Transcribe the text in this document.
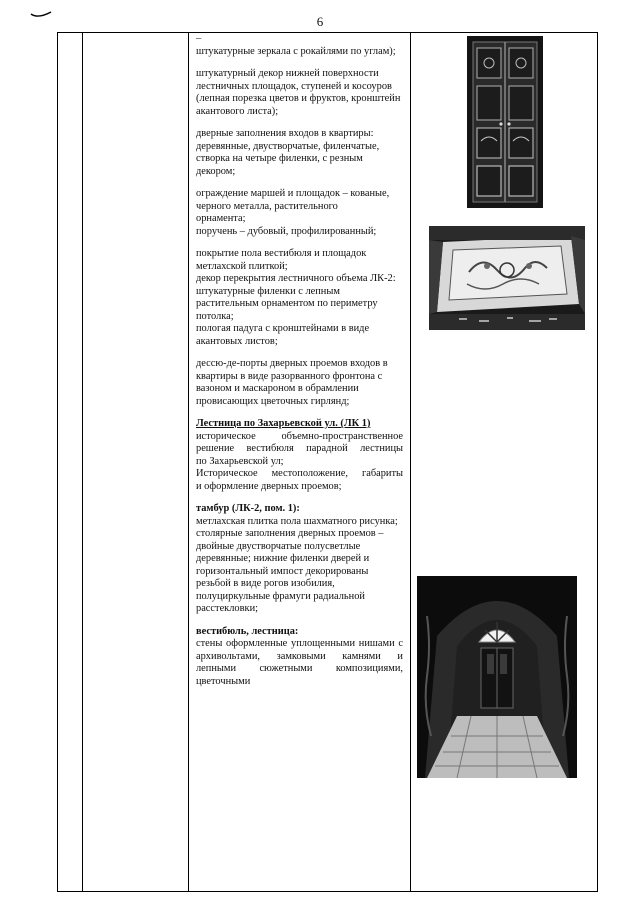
6

–

штукатурные зеркала с рокайлями по углам);

штукатурный декор нижней поверхности

лестничных площадок, ступеней и косоуров (лепная порезка цветов и фруктов, кронштейн акантового листа);

дверные заполнения входов в квартиры: деревянные, двустворчатые, филенчатые, створка на четыре филенки, с резным декором;

ограждение маршей и площадок – кованые, черного металла, растительного

орнамента;

поручень – дубовый, профилированный;

покрытие пола вестибюля и площадок метлахской плиткой;

декор перекрытия лестничного объема ЛК-2: штукатурные филенки с лепным растительным орнаментом по периметру потолка;

пологая падуга с кронштейнами в виде акантовых листов;

дессю-де-порты дверных проемов входов в квартиры в виде разорванного фронтона с вазоном и маскароном в обрамлении провисающих цветочных гирлянд;

Лестница по Захарьевской ул. (ЛК 1)

историческое объемно-пространственное решение вестибюля парадной лестницы

по Захарьевской ул;

Историческое местоположение, габариты

и оформление дверных проемов;

тамбур (ЛК-2, пом. 1):

метлахская плитка пола шахматного рисунка;

столярные заполнения дверных проемов – двойные двустворчатые полусветлые деревянные; нижние филенки дверей и горизонтальный импост декорированы резьбой в виде рогов изобилия, полуциркульные фрамуги радиальной расстекловки;

вестибюль, лестница:

стены оформленные уплощенными нишами с архивольтами, замковыми камнями и лепными сюжетными композициями, цветочными
